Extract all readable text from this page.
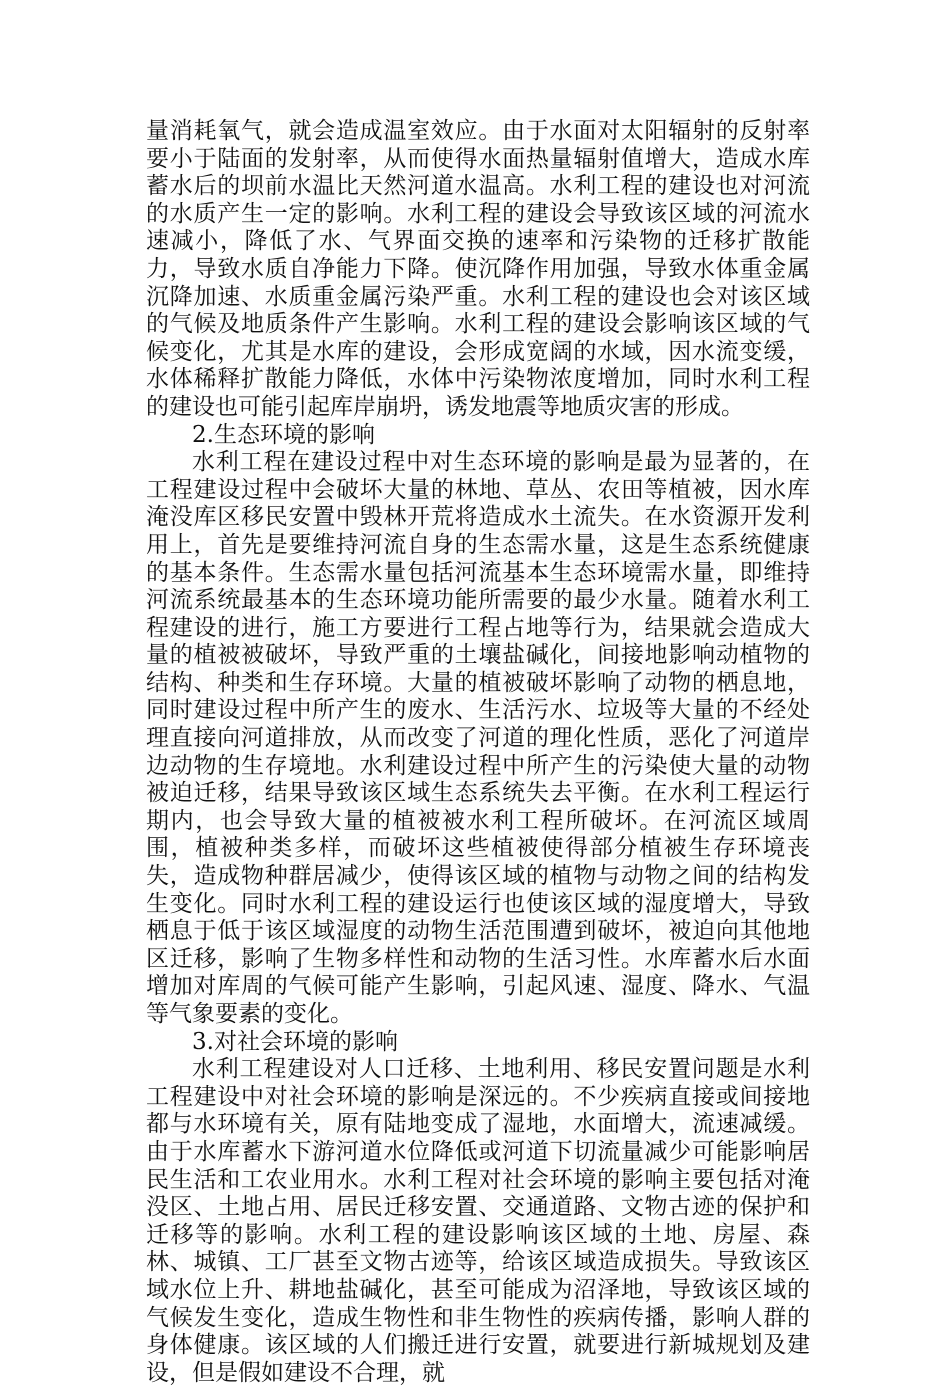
量消耗氧气，就会造成温室效应。由于水面对太阳辐射的反射率要小于陆面的发射率，从而使得水面热量辐射值增大，造成水库蓄水后的坝前水温比天然河道水温高。水利工程的建设也对河流的水质产生一定的影响。水利工程的建设会导致该区域的河流水速减小，降低了水、气界面交换的速率和污染物的迁移扩散能力，导致水质自净能力下降。使沉降作用加强，导致水体重金属沉降加速、水质重金属污染严重。水利工程的建设也会对该区域的气候及地质条件产生影响。水利工程的建设会影响该区域的气候变化，尤其是水库的建设，会形成宽阔的水域，因水流变缓，水体稀释扩散能力降低，水体中污染物浓度增加，同时水利工程的建设也可能引起库岸崩坍，诱发地震等地质灾害的形成。

2.生态环境的影响

水利工程在建设过程中对生态环境的影响是最为显著的，在工程建设过程中会破坏大量的林地、草丛、农田等植被，因水库淹没库区移民安置中毁林开荒将造成水土流失。在水资源开发利用上，首先是要维持河流自身的生态需水量，这是生态系统健康的基本条件。生态需水量包括河流基本生态环境需水量，即维持河流系统最基本的生态环境功能所需要的最少水量。随着水利工程建设的进行，施工方要进行工程占地等行为，结果就会造成大量的植被被破坏，导致严重的土壤盐碱化，间接地影响动植物的结构、种类和生存环境。大量的植被破坏影响了动物的栖息地，同时建设过程中所产生的废水、生活污水、垃圾等大量的不经处理直接向河道排放，从而改变了河道的理化性质，恶化了河道岸边动物的生存境地。水利建设过程中所产生的污染使大量的动物被迫迁移，结果导致该区域生态系统失去平衡。在水利工程运行期内，也会导致大量的植被被水利工程所破坏。在河流区域周围，植被种类多样，而破坏这些植被使得部分植被生存环境丧失，造成物种群居减少，使得该区域的植物与动物之间的结构发生变化。同时水利工程的建设运行也使该区域的湿度增大，导致栖息于低于该区域湿度的动物生活范围遭到破坏，被迫向其他地区迁移，影响了生物多样性和动物的生活习性。水库蓄水后水面增加对库周的气候可能产生影响，引起风速、湿度、降水、气温等气象要素的变化。

3.对社会环境的影响

水利工程建设对人口迁移、土地利用、移民安置问题是水利工程建设中对社会环境的影响是深远的。不少疾病直接或间接地都与水环境有关，原有陆地变成了湿地，水面增大，流速减缓。由于水库蓄水下游河道水位降低或河道下切流量减少可能影响居民生活和工农业用水。水利工程对社会环境的影响主要包括对淹没区、土地占用、居民迁移安置、交通道路、文物古迹的保护和迁移等的影响。水利工程的建设影响该区域的土地、房屋、森林、城镇、工厂甚至文物古迹等，给该区域造成损失。导致该区域水位上升、耕地盐碱化，甚至可能成为沼泽地，导致该区域的气候发生变化，造成生物性和非生物性的疾病传播，影响人群的身体健康。该区域的人们搬迁进行安置，就要进行新城规划及建设，但是假如建设不合理，就
